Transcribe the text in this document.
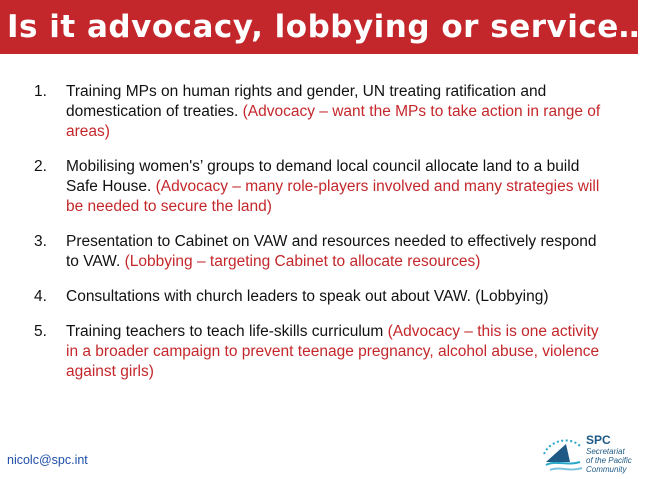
Is it advocacy, lobbying or service…?
1.	Training MPs on human rights and gender, UN treating ratification and domestication of treaties. (Advocacy – want the MPs to take action in range of areas)
2.	Mobilising women's’ groups to demand local council allocate land to a build Safe House. (Advocacy – many role-players involved and many strategies will be needed to secure the land)
3.	Presentation to Cabinet on VAW and resources needed to effectively respond to VAW. (Lobbying – targeting Cabinet to allocate resources)
4.	Consultations with church leaders to speak out about VAW. (Lobbying)
5.	Training teachers to teach life-skills curriculum (Advocacy – this is one activity in a broader campaign to prevent teenage pregnancy, alcohol abuse, violence against girls)
nicolc@spc.int
SPC
Secretariat
of the Pacific
Community
